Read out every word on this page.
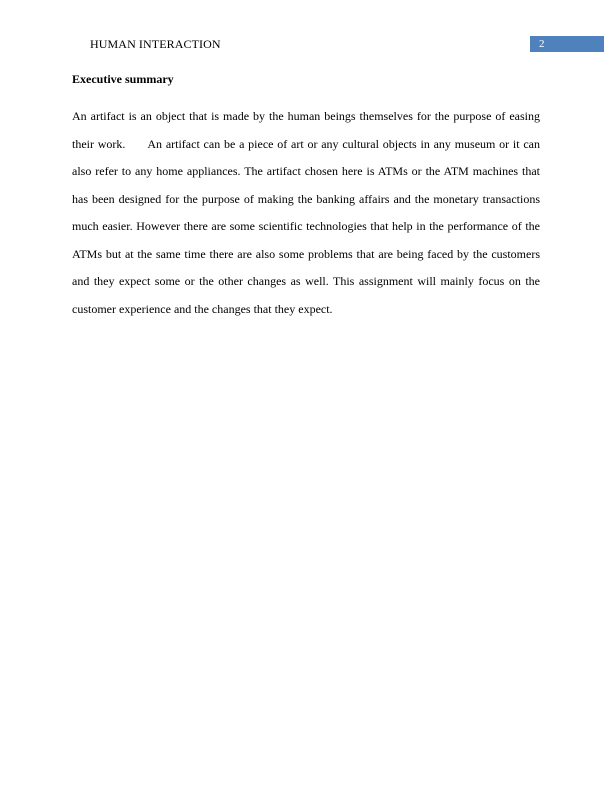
HUMAN INTERACTION	2
Executive summary

An artifact is an object that is made by the human beings themselves for the purpose of easing their work.      An artifact can be a piece of art or any cultural objects in any museum or it can also refer to any home appliances. The artifact chosen here is ATMs or the ATM machines that has been designed for the purpose of making the banking affairs and the monetary transactions much easier. However there are some scientific technologies that help in the performance of the ATMs but at the same time there are also some problems that are being faced by the customers and they expect some or the other changes as well. This assignment will mainly focus on the customer experience and the changes that they expect.
